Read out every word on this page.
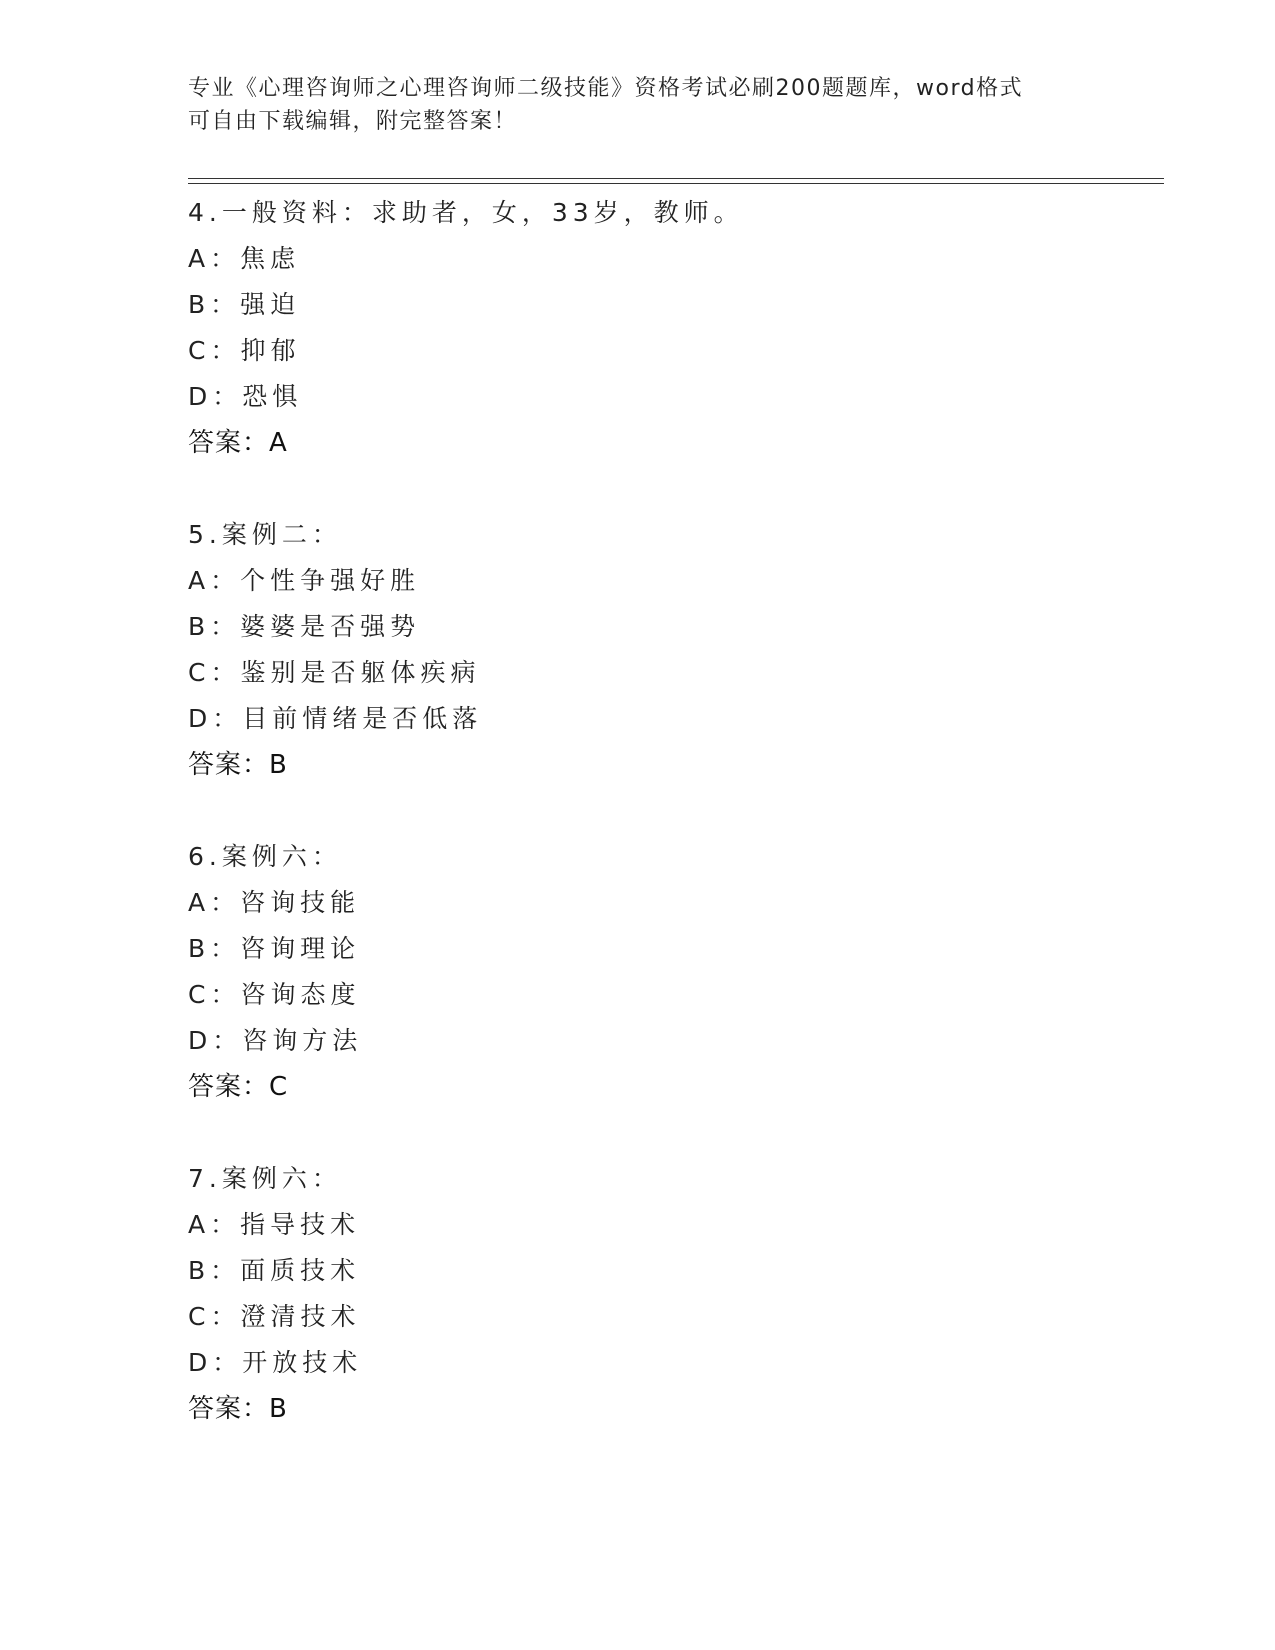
专业《心理咨询师之心理咨询师二级技能》资格考试必刷200题题库，word格式
可自由下载编辑，附完整答案！
4.一般资料：求助者，女，33岁，教师。
A：焦虑
B：强迫
C：抑郁
D：恐惧
答案：A
5.案例二：
A：个性争强好胜
B：婆婆是否强势
C：鉴别是否躯体疾病
D：目前情绪是否低落
答案：B
6.案例六：
A：咨询技能
B：咨询理论
C：咨询态度
D：咨询方法
答案：C
7.案例六：
A：指导技术
B：面质技术
C：澄清技术
D：开放技术
答案：B
